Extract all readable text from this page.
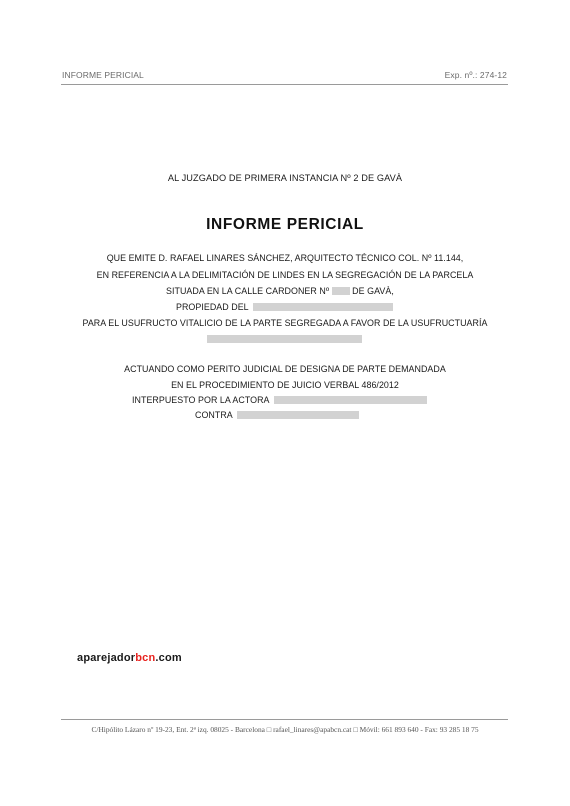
INFORME PERICIAL	Exp. nº.: 274-12
AL JUZGADO DE PRIMERA INSTANCIA Nº 2 DE GAVÀ
INFORME PERICIAL
QUE EMITE D. RAFAEL LINARES SÁNCHEZ, ARQUITECTO TÉCNICO COL. Nº 11.144,
EN REFERENCIA A LA DELIMITACIÓN DE LINDES EN LA SEGREGACIÓN DE LA PARCELA
SITUADA EN LA CALLE CARDONER Nº	DE GAVÀ,
PROPIEDAD DEL
PARA EL USUFRUCTO VITALICIO DE LA PARTE SEGREGADA A FAVOR DE LA USUFRUCTUARÍA
ACTUANDO COMO PERITO JUDICIAL DE DESIGNA DE PARTE DEMANDADA
EN EL PROCEDIMIENTO DE JUICIO VERBAL 486/2012
INTERPUESTO POR LA ACTORA
CONTRA
aparejadorbcn.com
C/Hipólito Lázaro nº 19-23, Ent. 2ª izq. 08025 - Barcelona □ rafael_linares@apabcn.cat □ Móvil: 661 893 640 - Fax: 93 285 18 75
